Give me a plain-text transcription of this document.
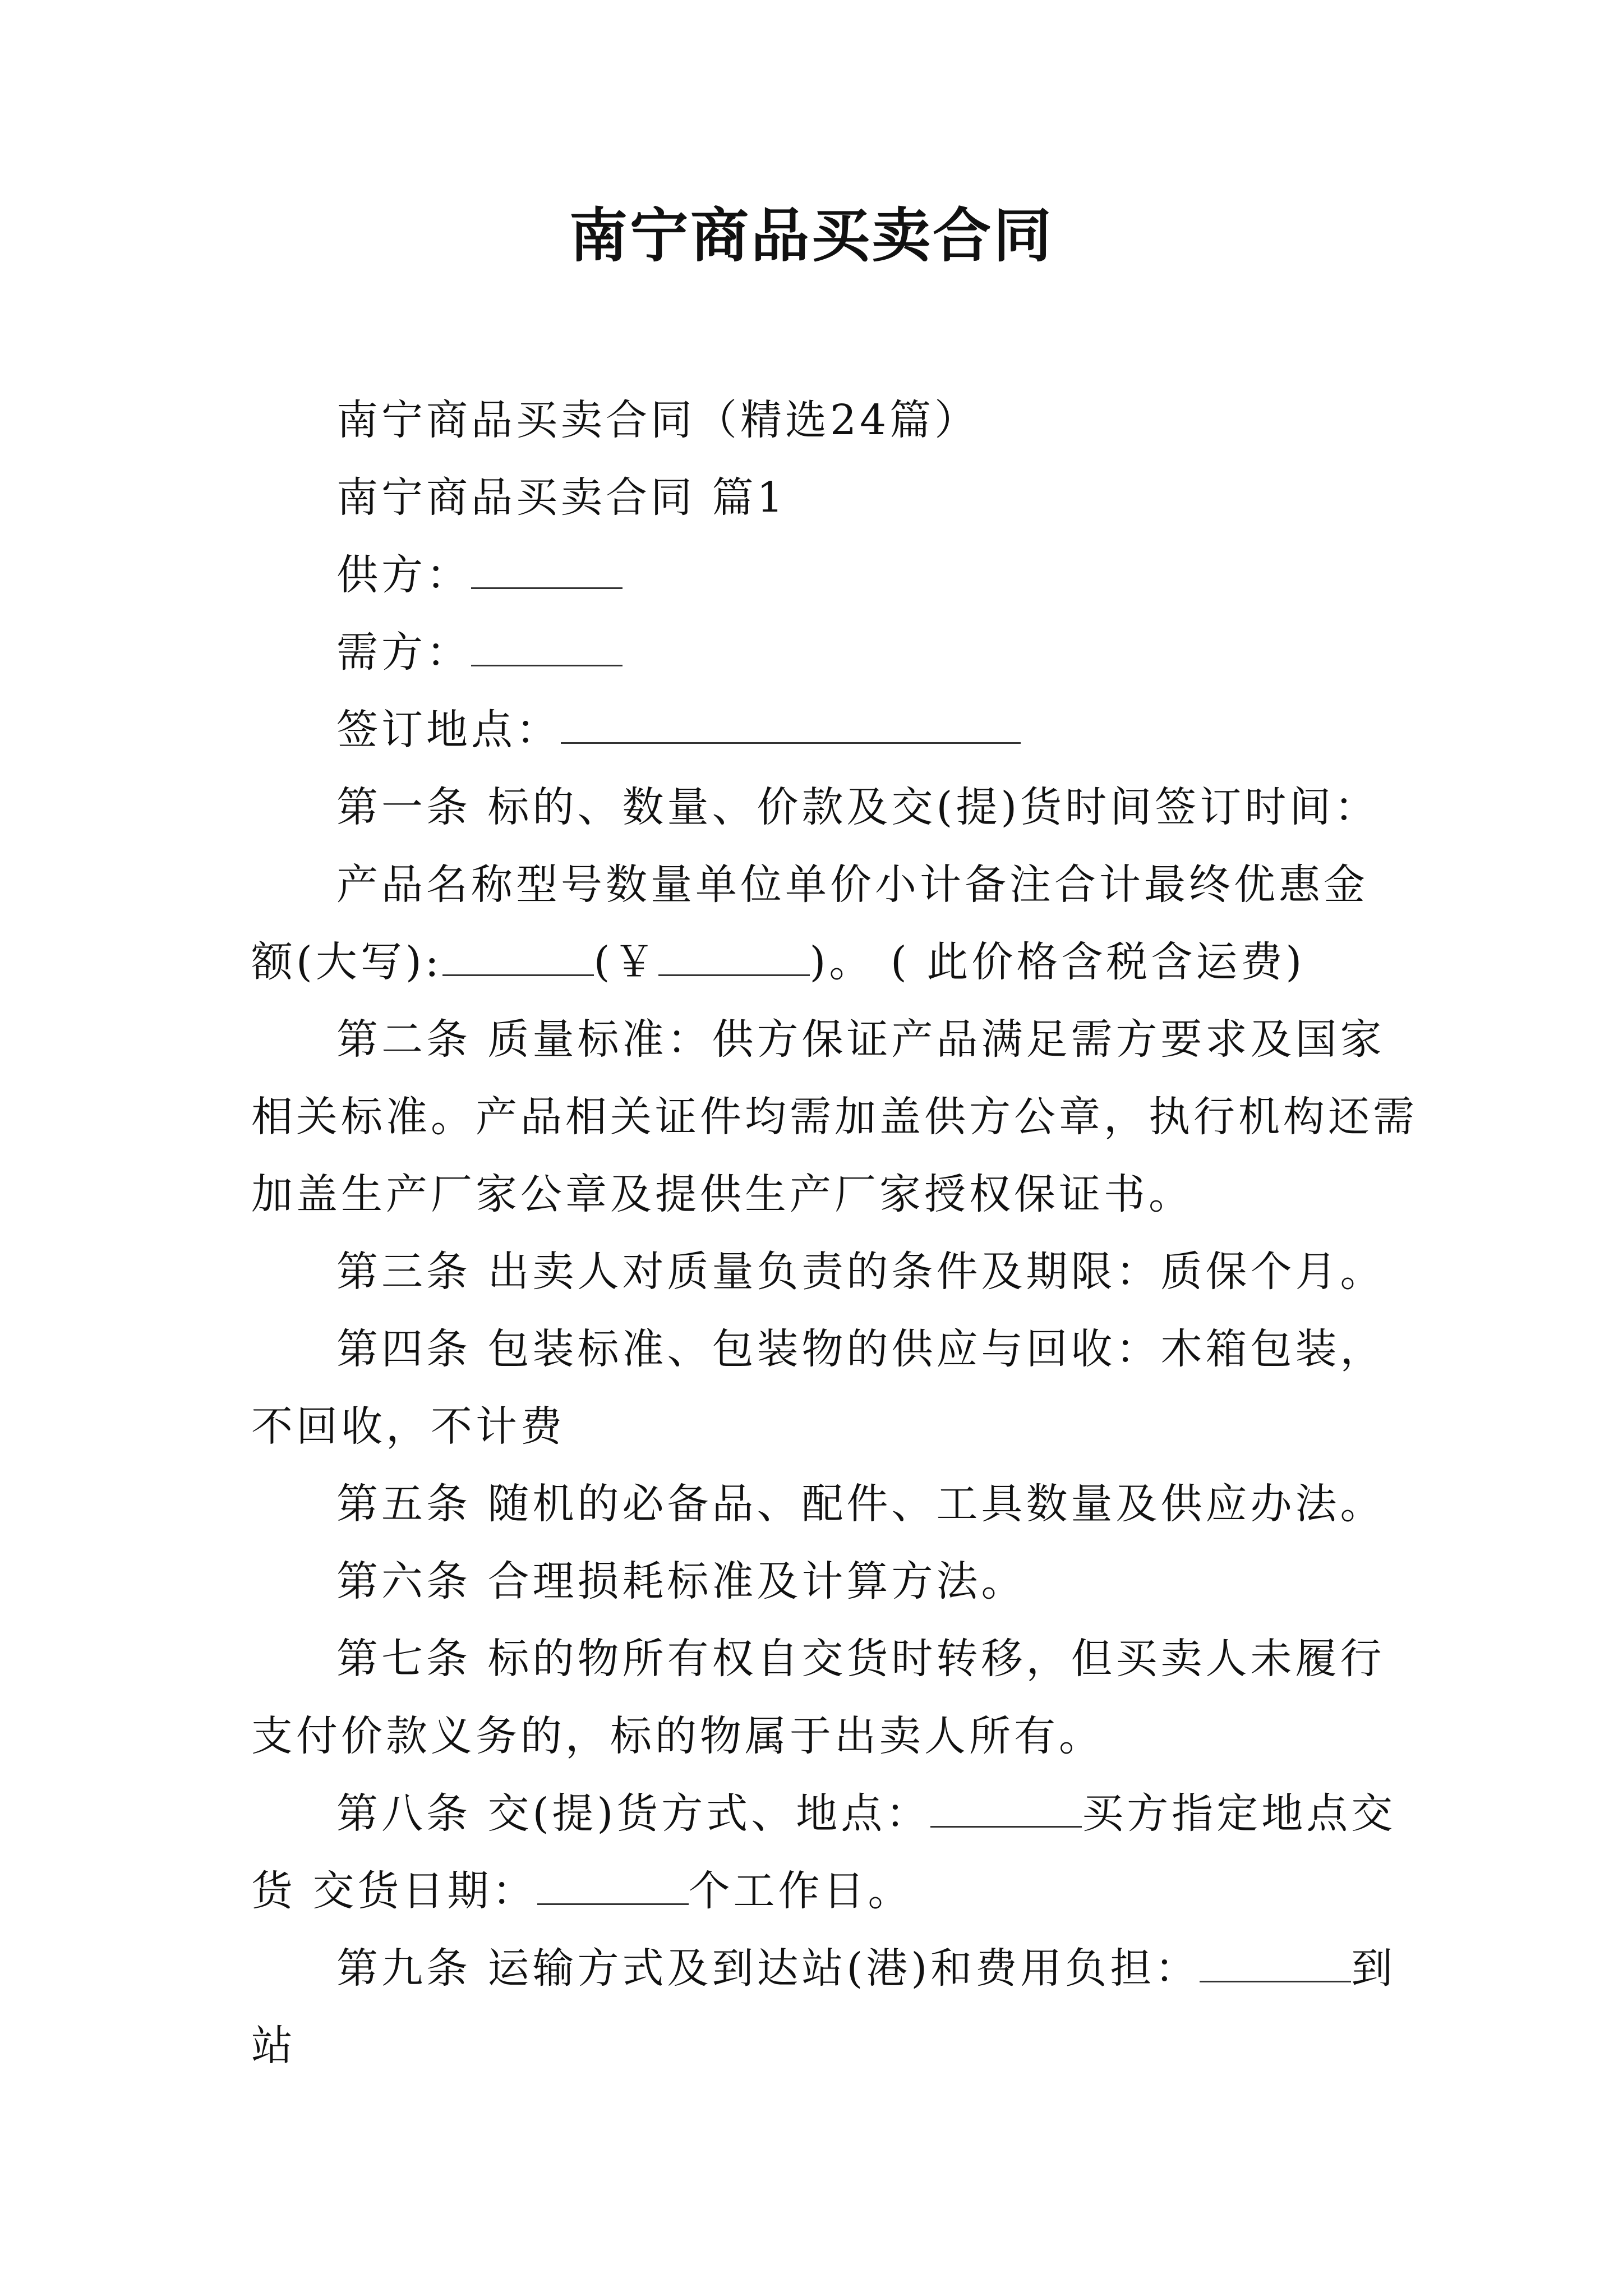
南宁商品买卖合同

南宁商品买卖合同（精选24篇）

南宁商品买卖合同 篇1

供方：

需方：

签订地点：

第一条 标的、数量、价款及交(提)货时间签订时间：

产品名称型号数量单位单价小计备注合计最终优惠金
额(大写):	(￥	)。 ( 此价格含税含运费)

第二条 质量标准：供方保证产品满足需方要求及国家
相关标准。产品相关证件均需加盖供方公章，执行机构还需
加盖生产厂家公章及提供生产厂家授权保证书。

第三条 出卖人对质量负责的条件及期限：质保个月。

第四条 包装标准、包装物的供应与回收：木箱包装，
不回收，不计费

第五条 随机的必备品、配件、工具数量及供应办法。

第六条 合理损耗标准及计算方法。

第七条 标的物所有权自交货时转移，但买卖人未履行
支付价款义务的，标的物属于出卖人所有。

第八条 交(提)货方式、地点：	买方指定地点交
货 交货日期：	个工作日。

第九条 运输方式及到达站(港)和费用负担：	到
站
